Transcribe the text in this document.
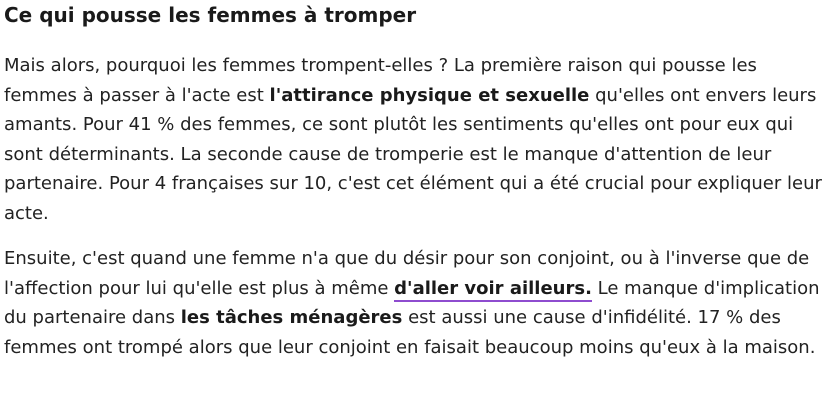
Ce qui pousse les femmes à tromper

Mais alors, pourquoi les femmes trompent-elles ? La première raison qui pousse les femmes à passer à l'acte est l'attirance physique et sexuelle qu'elles ont envers leurs amants. Pour 41 % des femmes, ce sont plutôt les sentiments qu'elles ont pour eux qui sont déterminants. La seconde cause de tromperie est le manque d'attention de leur partenaire. Pour 4 françaises sur 10, c'est cet élément qui a été crucial pour expliquer leur acte.

Ensuite, c'est quand une femme n'a que du désir pour son conjoint, ou à l'inverse que de l'affection pour lui qu'elle est plus à même d'aller voir ailleurs. Le manque d'implication du partenaire dans les tâches ménagères est aussi une cause d'infidélité. 17 % des femmes ont trompé alors que leur conjoint en faisait beaucoup moins qu'eux à la maison.
